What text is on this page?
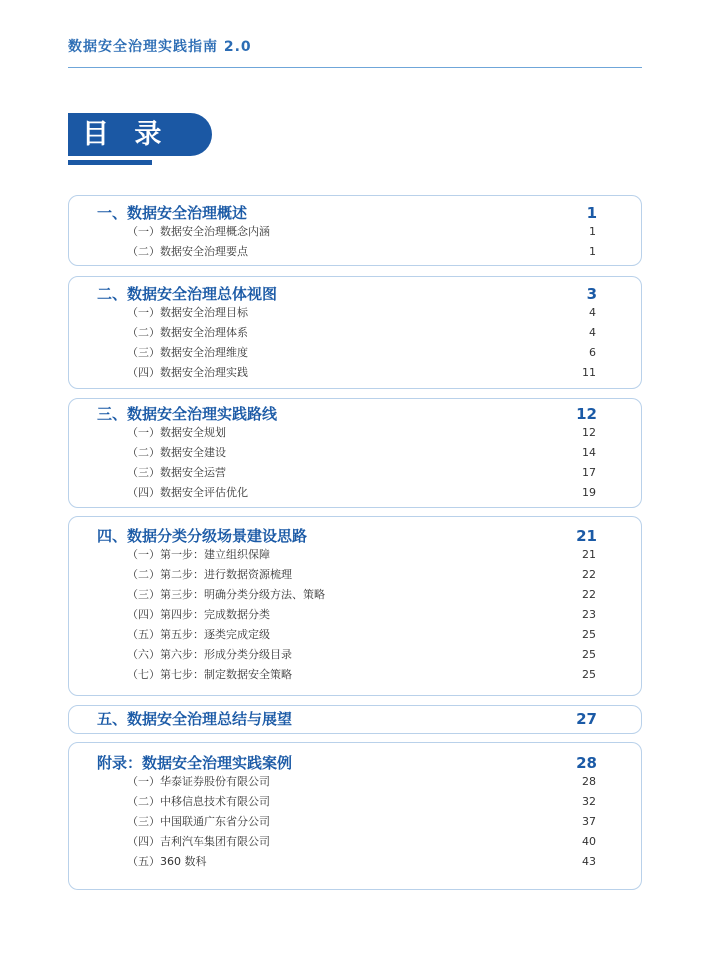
数据安全治理实践指南 2.0
目 录
一、数据安全治理概述	1
（一）数据安全治理概念内涵	1
（二）数据安全治理要点	1
二、数据安全治理总体视图	3
（一）数据安全治理目标	4
（二）数据安全治理体系	4
（三）数据安全治理维度	6
（四）数据安全治理实践	11
三、数据安全治理实践路线	12
（一）数据安全规划	12
（二）数据安全建设	14
（三）数据安全运营	17
（四）数据安全评估优化	19
四、数据分类分级场景建设思路	21
（一）第一步：建立组织保障	21
（二）第二步：进行数据资源梳理	22
（三）第三步：明确分类分级方法、策略	22
（四）第四步：完成数据分类	23
（五）第五步：逐类完成定级	25
（六）第六步：形成分类分级目录	25
（七）第七步：制定数据安全策略	25
五、数据安全治理总结与展望	27
附录：数据安全治理实践案例	28
（一）华泰证券股份有限公司	28
（二）中移信息技术有限公司	32
（三）中国联通广东省分公司	37
（四）吉利汽车集团有限公司	40
（五）360 数科	43
